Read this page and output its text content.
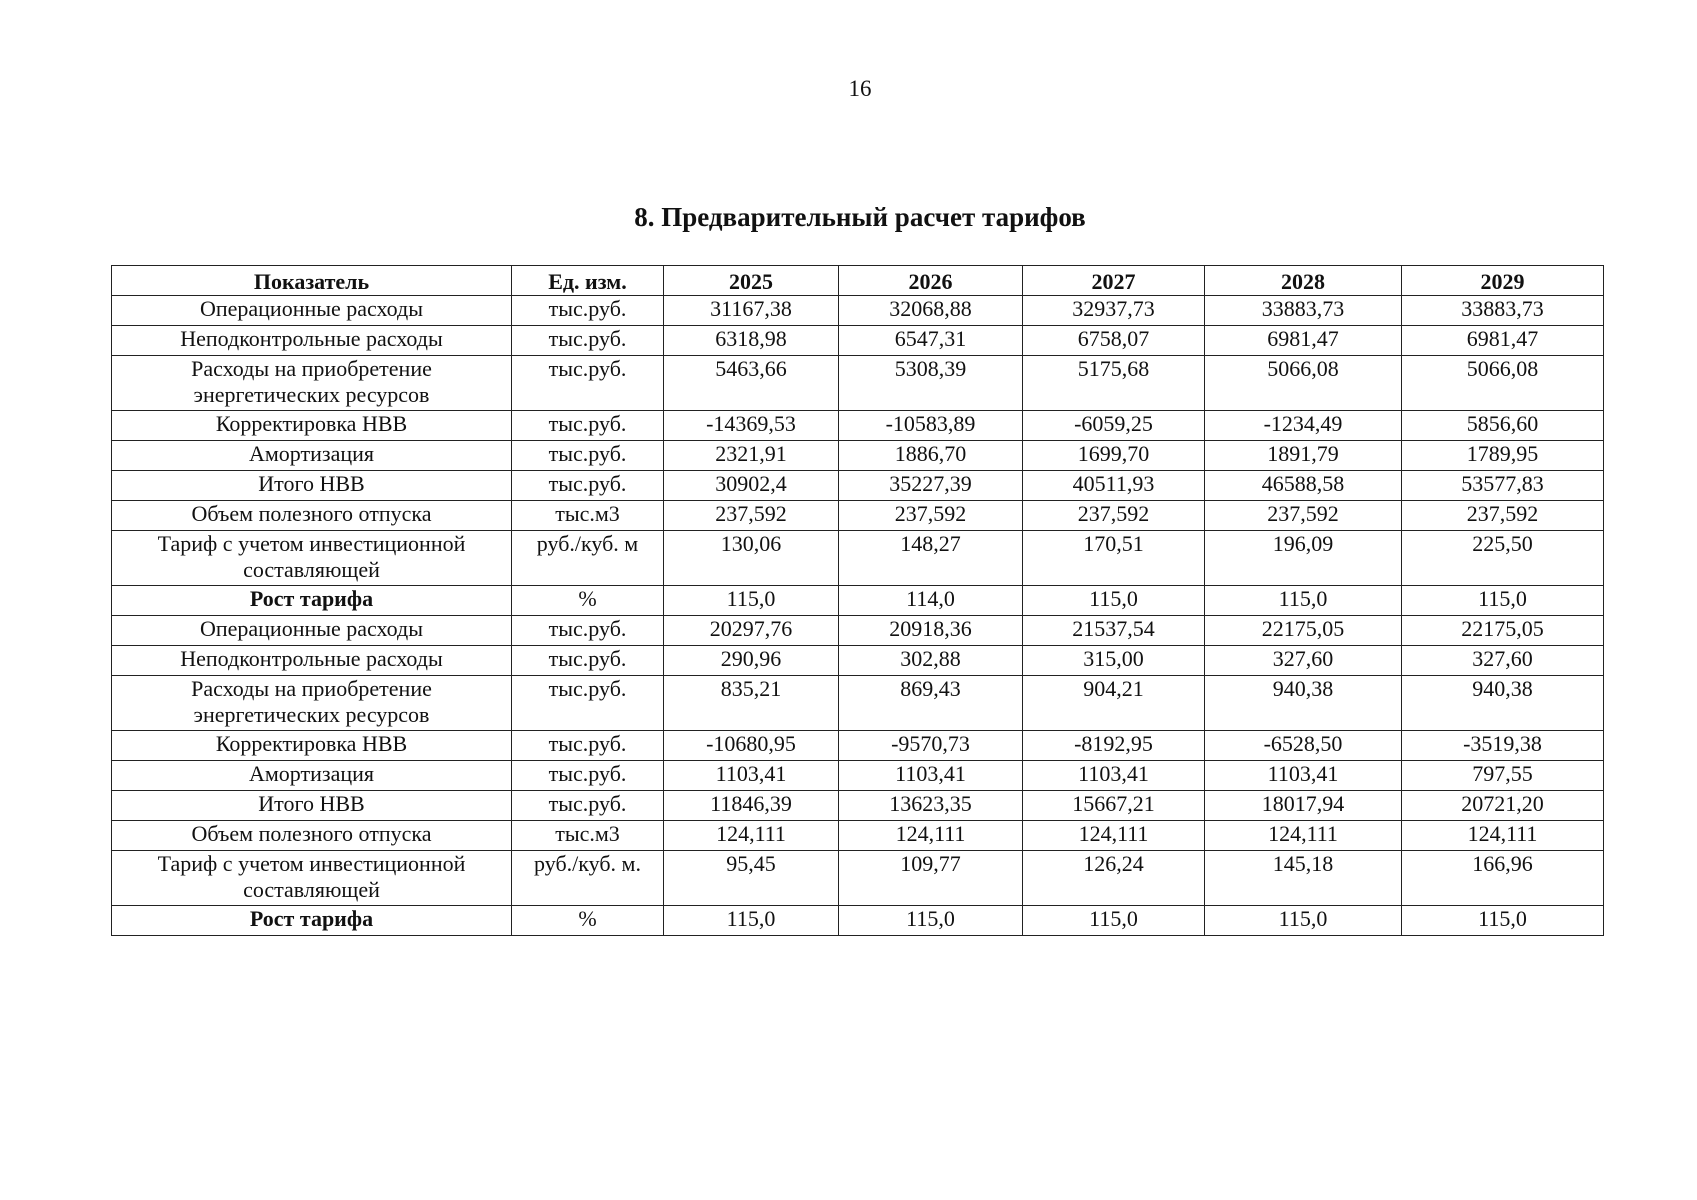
16
8. Предварительный расчет тарифов
Показатель	Ед. изм.	2025	2026	2027	2028	2029
Операционные расходы	тыс.руб.	31167,38	32068,88	32937,73	33883,73	33883,73
Неподконтрольные расходы	тыс.руб.	6318,98	6547,31	6758,07	6981,47	6981,47
Расходы на приобретение энергетических ресурсов	тыс.руб.	5463,66	5308,39	5175,68	5066,08	5066,08
Корректировка НВВ	тыс.руб.	-14369,53	-10583,89	-6059,25	-1234,49	5856,60
Амортизация	тыс.руб.	2321,91	1886,70	1699,70	1891,79	1789,95
Итого НВВ	тыс.руб.	30902,4	35227,39	40511,93	46588,58	53577,83
Объем полезного отпуска	тыс.м3	237,592	237,592	237,592	237,592	237,592
Тариф с учетом инвестиционной составляющей	руб./куб. м	130,06	148,27	170,51	196,09	225,50
Рост тарифа	%	115,0	114,0	115,0	115,0	115,0
Операционные расходы	тыс.руб.	20297,76	20918,36	21537,54	22175,05	22175,05
Неподконтрольные расходы	тыс.руб.	290,96	302,88	315,00	327,60	327,60
Расходы на приобретение энергетических ресурсов	тыс.руб.	835,21	869,43	904,21	940,38	940,38
Корректировка НВВ	тыс.руб.	-10680,95	-9570,73	-8192,95	-6528,50	-3519,38
Амортизация	тыс.руб.	1103,41	1103,41	1103,41	1103,41	797,55
Итого НВВ	тыс.руб.	11846,39	13623,35	15667,21	18017,94	20721,20
Объем полезного отпуска	тыс.м3	124,111	124,111	124,111	124,111	124,111
Тариф с учетом инвестиционной составляющей	руб./куб. м.	95,45	109,77	126,24	145,18	166,96
Рост тарифа	%	115,0	115,0	115,0	115,0	115,0
